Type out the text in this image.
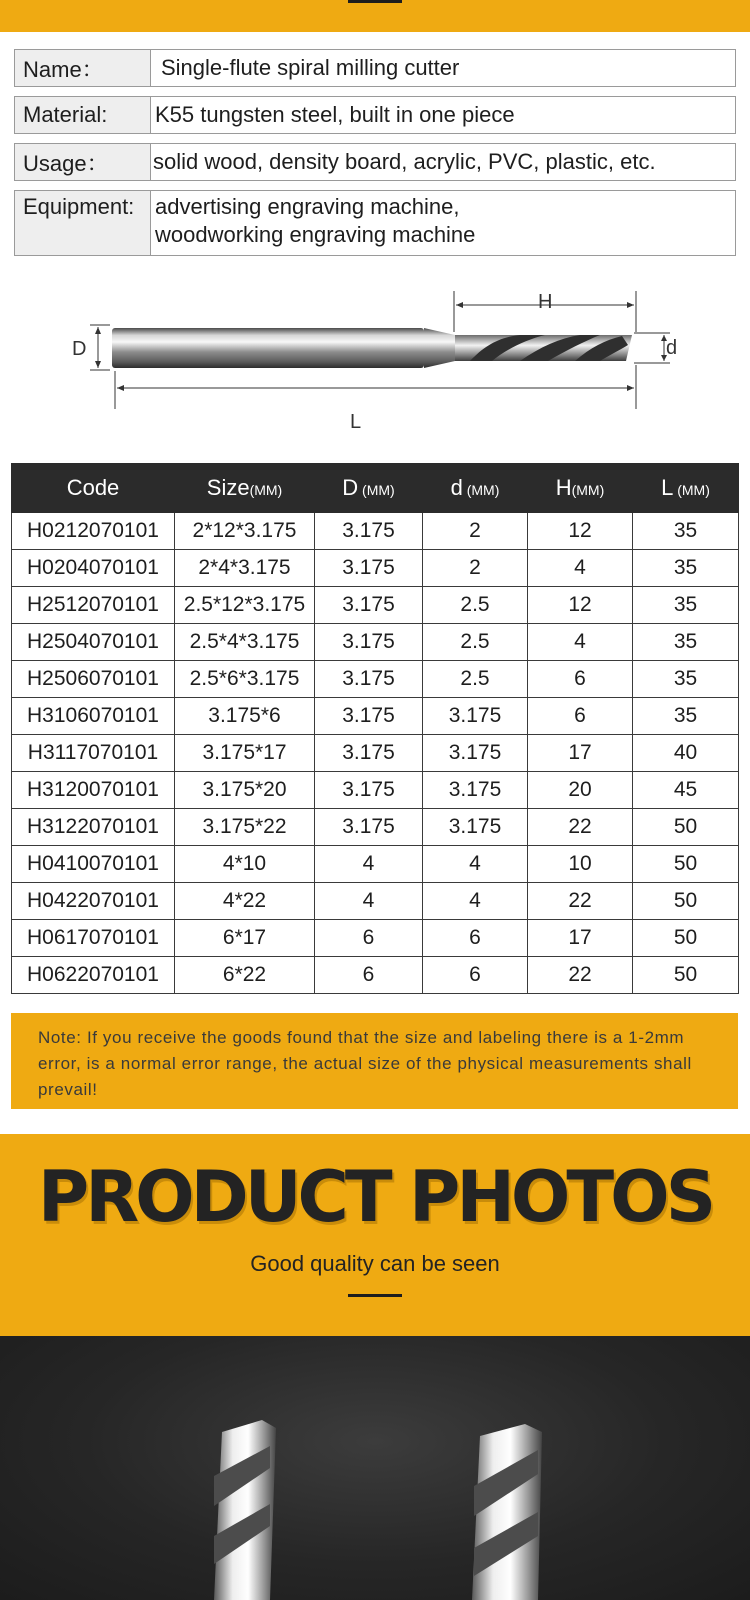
Name：	Single-flute spiral milling cutter
Material:	K55 tungsten steel, built in one piece
Usage：	solid wood, density board, acrylic, PVC, plastic, etc.
Equipment: advertising engraving machine,
woodworking engraving machine
D
H
d
L
Code	Size(MM)	D (MM)	d (MM)	H(MM)	L (MM)
H0212070101	2*12*3.175	3.175	2	12	35
H0204070101	2*4*3.175	3.175	2	4	35
H2512070101	2.5*12*3.175	3.175	2.5	12	35
H2504070101	2.5*4*3.175	3.175	2.5	4	35
H2506070101	2.5*6*3.175	3.175	2.5	6	35
H3106070101	3.175*6	3.175	3.175	6	35
H3117070101	3.175*17	3.175	3.175	17	40
H3120070101	3.175*20	3.175	3.175	20	45
H3122070101	3.175*22	3.175	3.175	22	50
H0410070101	4*10	4	4	10	50
H0422070101	4*22	4	4	22	50
H0617070101	6*17	6	6	17	50
H0622070101	6*22	6	6	22	50
Note: If you receive the goods found that the size and labeling there is a 1-2mm error, is a normal error range, the actual size of the physical measurements shall prevail!
PRODUCT PHOTOS
Good quality can be seen
